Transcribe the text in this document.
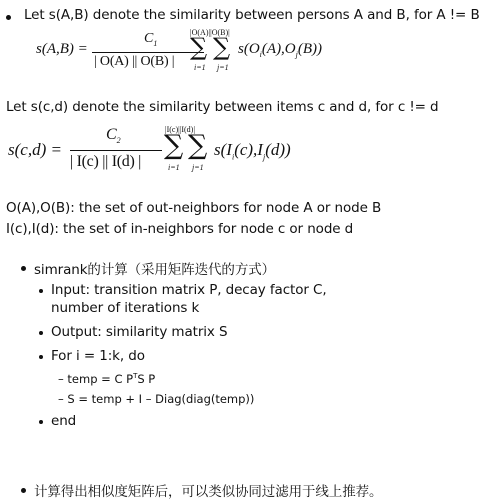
Let s(A,B) denote the similarity between persons A and B, for A != B
s(A,B) =
$C_1$
| O(A) || O(B) |
|O(A)||O(B)|
∑ ∑
i=1 j=1
$s(O_i(A),O_j(B))$
Let s(c,d) denote the similarity between items c and d, for c != d
s(c,d) =
$C_2$
| I(c) || I(d) |
|I(c)||I(d)|
∑ ∑
i=1 j=1
$s(I_i(c),I_j(d))$
O(A),O(B): the set of out-neighbors for node A or node B
I(c),I(d): the set of in-neighbors for node c or node d
simrank的计算（采用矩阵迭代的方式）
Input: transition matrix P, decay factor C,
number of iterations k
Output: similarity matrix S
For i = 1:k, do
– temp = C $P^TS$ P
– S = temp + I – Diag(diag(temp))
end
计算得出相似度矩阵后，可以类似协同过滤用于线上推荐。
